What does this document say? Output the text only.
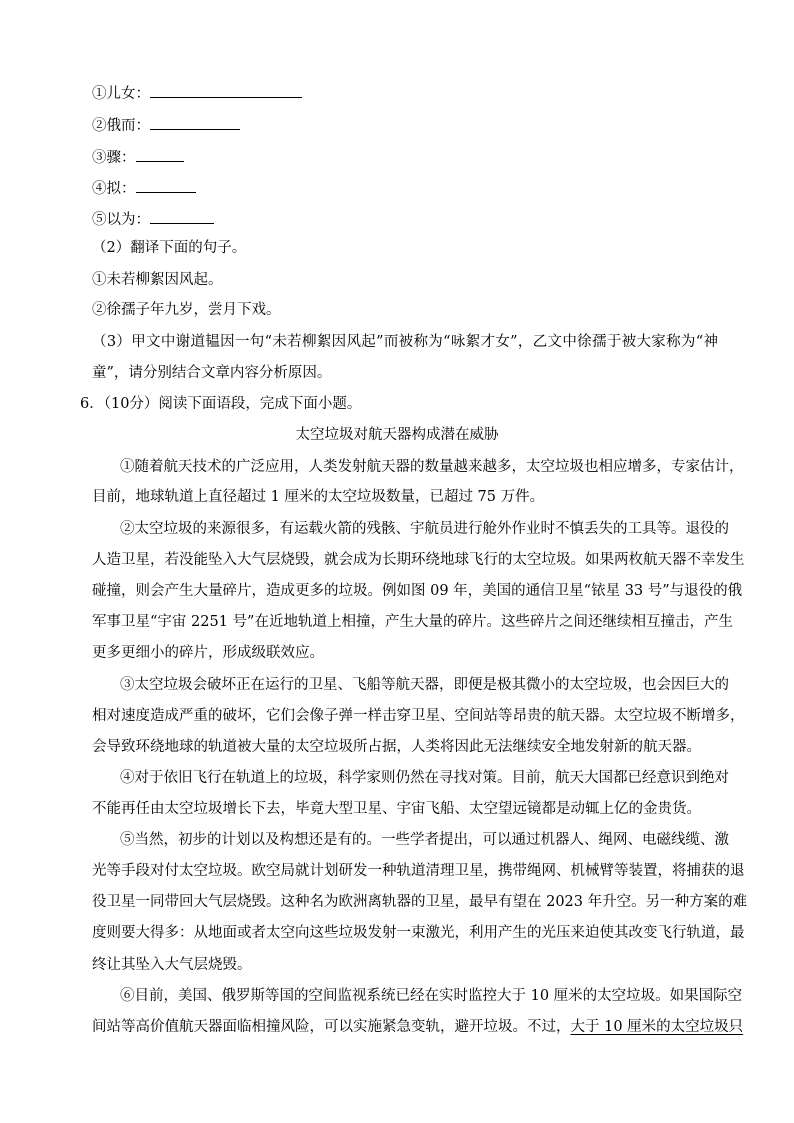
①儿女：
②俄而：
③骤：
④拟：
⑤以为：
（2）翻译下面的句子。
①未若柳絮因风起。
②徐孺子年九岁，尝月下戏。
（3）甲文中谢道韫因一句“未若柳絮因风起”而被称为“咏絮才女”，乙文中徐孺于被大家称为“神
童”，请分别结合文章内容分析原因。
6．（10分）阅读下面语段，完成下面小题。
太空垃圾对航天器构成潜在威胁
①随着航天技术的广泛应用，人类发射航天器的数量越来越多，太空垃圾也相应增多，专家估计，
目前，地球轨道上直径超过 1 厘米的太空垃圾数量，已超过 75 万件。
②太空垃圾的来源很多，有运载火箭的残骸、宇航员进行舱外作业时不慎丢失的工具等。退役的
人造卫星，若没能坠入大气层烧毁，就会成为长期环绕地球飞行的太空垃圾。如果两枚航天器不幸发生
碰撞，则会产生大量碎片，造成更多的垃圾。例如图 09 年，美国的通信卫星“铱星 33 号”与退役的俄
军事卫星“宇宙 2251 号”在近地轨道上相撞，产生大量的碎片。这些碎片之间还继续相互撞击，产生
更多更细小的碎片，形成级联效应。
③太空垃圾会破坏正在运行的卫星、飞船等航天器，即便是极其微小的太空垃圾，也会因巨大的
相对速度造成严重的破坏，它们会像子弹一样击穿卫星、空间站等昂贵的航天器。太空垃圾不断增多，
会导致环绕地球的轨道被大量的太空垃圾所占据，人类将因此无法继续安全地发射新的航天器。
④对于依旧飞行在轨道上的垃圾，科学家则仍然在寻找对策。目前，航天大国都已经意识到绝对
不能再任由太空垃圾增长下去，毕竟大型卫星、宇宙飞船、太空望远镜都是动辄上亿的金贵货。
⑤当然，初步的计划以及构想还是有的。一些学者提出，可以通过机器人、绳网、电磁线缆、激
光等手段对付太空垃圾。欧空局就计划研发一种轨道清理卫星，携带绳网、机械臂等装置，将捕获的退
役卫星一同带回大气层烧毁。这种名为欧洲离轨器的卫星，最早有望在 2023 年升空。另一种方案的难
度则要大得多：从地面或者太空向这些垃圾发射一束激光，利用产生的光压来迫使其改变飞行轨道，最
终让其坠入大气层烧毁。
⑥目前，美国、俄罗斯等国的空间监视系统已经在实时监控大于 10 厘米的太空垃圾。如果国际空
间站等高价值航天器面临相撞风险，可以实施紧急变轨，避开垃圾。不过，大于 10 厘米的太空垃圾只
